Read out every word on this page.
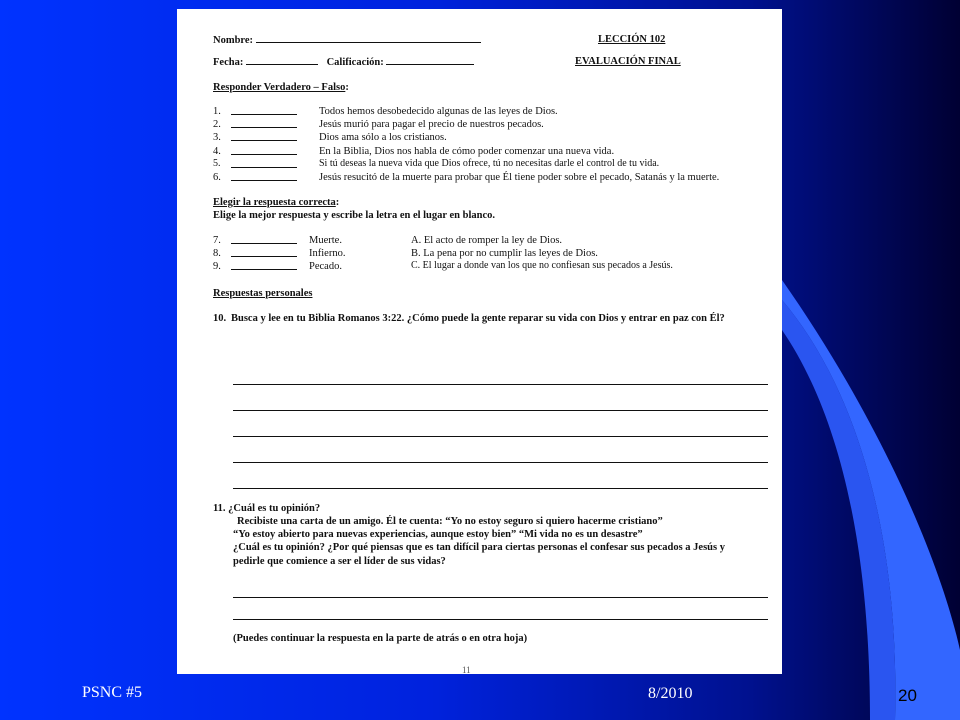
Nombre:	LECCIÓN 102
Fecha:	Calificación:	EVALUACIÓN FINAL
Responder Verdadero – Falso:
1.	Todos hemos desobedecido algunas de las leyes de Dios.
2.	Jesús murió para pagar el precio de nuestros pecados.
3.	Dios ama sólo a los cristianos.
4.	En la Biblia, Dios nos habla de cómo poder comenzar una nueva vida.
5.	Si tú deseas la nueva vida que Dios ofrece, tú no necesitas darle el control de tu vida.
6.	Jesús resucitó de la muerte para probar que Él tiene poder sobre el pecado, Satanás y la muerte.
Elegir la respuesta correcta:
Elige la mejor respuesta y escribe la letra en el lugar en blanco.
7.	Muerte.	A. El acto de romper la ley de Dios.
8.	Infierno.	B. La pena por no cumplir las leyes de Dios.
9.	Pecado.	C. El lugar a donde van los que no confiesan sus pecados a Jesús.
Respuestas personales
10. Busca y lee en tu Biblia Romanos 3:22. ¿Cómo puede la gente reparar su vida con Dios y entrar en paz con Él?
11. ¿Cuál es tu opinión?
Recibiste una carta de un amigo. Él te cuenta: “Yo no estoy seguro si quiero hacerme cristiano”
“Yo estoy abierto para nuevas experiencias, aunque estoy bien” “Mi vida no es un desastre”
¿Cuál es tu opinión? ¿Por qué piensas que es tan difícil para ciertas personas el confesar sus pecados a Jesús y pedirle que comience a ser el líder de sus vidas?
(Puedes continuar la respuesta en la parte de atrás o en otra hoja)
11
PSNC #5	8/2010	20
